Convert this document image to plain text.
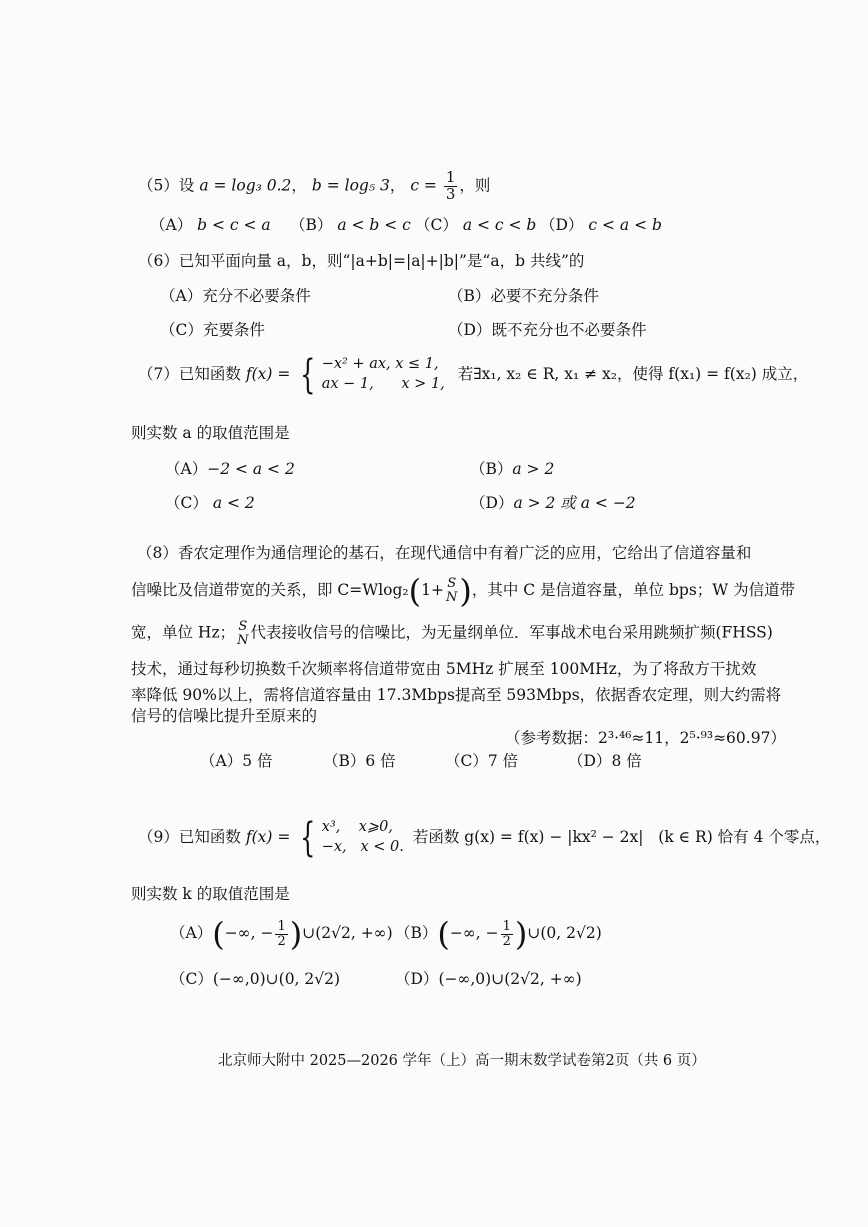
（5）设 a = log₃ 0.2， b = log₅ 3， $c = \frac{1}{3}$ ，则
（A） b < c < a （B） a < b < c （C） a < c < b （D） c < a < b
（6）已知平面向量 a，b，则“|a+b|=|a|+|b|”是“a，b 共线”的
（A）充分不必要条件	（B）必要不充分条件
（C）充要条件	（D）既不充分也不必要条件
（7）已知函数 f(x) = { −x² + ax, x ≤ 1,
ax − 1,      x > 1,
若∃x₁, x₂ ∈ R, x₁ ≠ x₂，使得 f(x₁) = f(x₂) 成立，
则实数 a 的取值范围是
（A）−2 < a < 2	（B）a > 2
（C） a < 2	（D）a > 2 或 a < −2
（8）香农定理作为通信理论的基石，在现代通信中有着广泛的应用，它给出了信道容量和
信噪比及信道带宽的关系，即 C=Wlog₂(1+ S
N )，其中 C 是信道容量，单位 bps；W 为信道带
宽，单位 Hz； S
N 代表接收信号的信噪比，为无量纲单位．军事战术电台采用跳频扩频(FHSS)
技术，通过每秒切换数千次频率将信道带宽由 5MHz 扩展至 100MHz，为了将敌方干扰效
率降低 90%以上，需将信道容量由 17.3Mbps提高至 593Mbps，依据香农定理，则大约需将
信号的信噪比提升至原来的
（参考数据：2³·⁴⁶≈11，2⁵·⁹³≈60.97）
（A）5 倍	（B）6 倍	（C）7 倍	（D）8 倍
（9）已知函数 f(x) = { x³,    x⩾0,
−x,   x < 0.
若函数 g(x) = f(x) − |kx² − 2x|   (k ∈ R) 恰有 4 个零点，
则实数 k 的取值范围是
（A）(−∞, − $\frac{1}{2}$ )∪(2√2, +∞) （B）(−∞, − $\frac{1}{2}$ )∪(0, 2√2)
（C）(−∞,0)∪(0, 2√2)	（D）(−∞,0)∪(2√2, +∞)
北京师大附中 2025—2026 学年（上）高一期末数学试卷第2页（共 6 页）
